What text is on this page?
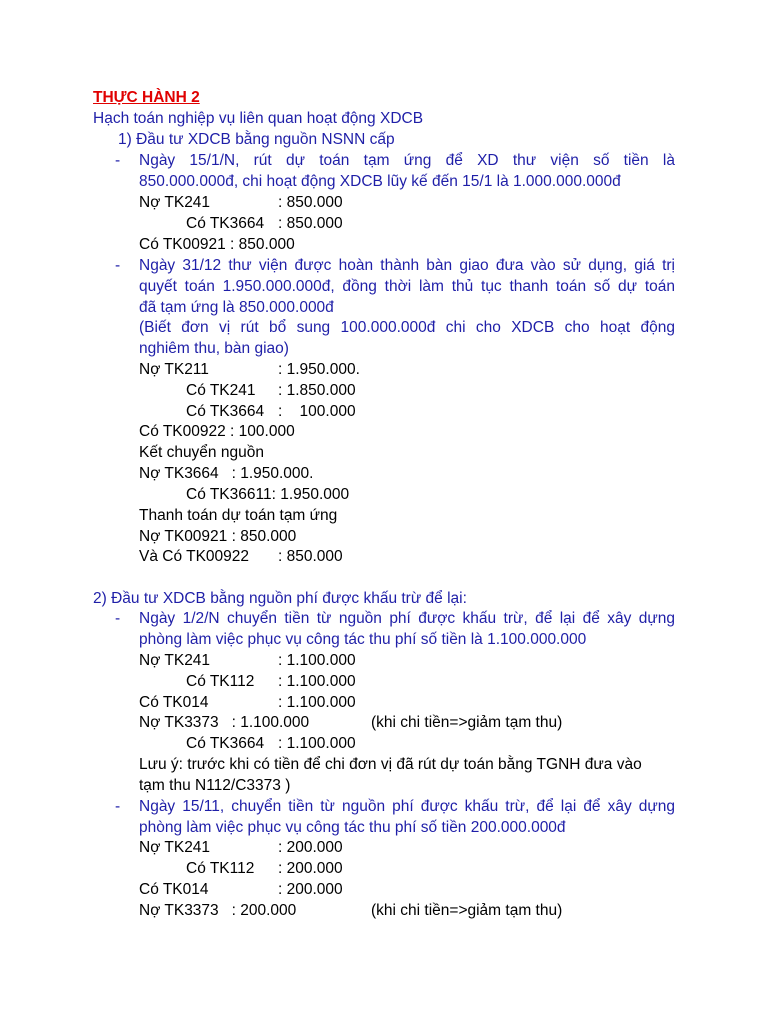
THỰC HÀNH 2
Hạch toán nghiệp vụ liên quan hoạt động XDCB
1) Đầu tư XDCB bằng nguồn NSNN cấp
- Ngày 15/1/N, rút dự toán tạm ứng để XD thư viện số tiền là
850.000.000đ, chi hoạt động XDCB lũy kế đến 15/1 là 1.000.000.000đ
Nợ TK241	: 850.000
Có TK3664 : 850.000
Có TK00921 : 850.000
- Ngày 31/12 thư viện được hoàn thành bàn giao đưa vào sử dụng, giá trị
quyết toán 1.950.000.000đ, đồng thời làm thủ tục thanh toán số dự toán
đã tạm ứng là 850.000.000đ
(Biết đơn vị rút bổ sung 100.000.000đ chi cho XDCB cho hoạt động
nghiêm thu, bàn giao)
Nợ TK211	: 1.950.000.
Có TK241 : 1.850.000
Có TK3664 :    100.000
Có TK00922 : 100.000
Kết chuyển nguồn
Nợ TK3664   : 1.950.000.
Có TK36611: 1.950.000
Thanh toán dự toán tạm ứng
Nợ TK00921 : 850.000
Và Có TK00922 : 850.000
2) Đầu tư XDCB bằng nguồn phí được khấu trừ để lại:
- Ngày 1/2/N chuyển tiền từ nguồn phí được khấu trừ, để lại để xây dựng
phòng làm việc phục vụ công tác thu phí số tiền là 1.100.000.000
Nợ TK241	: 1.100.000
Có TK112 : 1.100.000
Có TK014	: 1.100.000
Nợ TK3373   : 1.100.000	(khi chi tiền=>giảm tạm thu)
Có TK3664 : 1.100.000
Lưu ý: trước khi có tiền để chi đơn vị đã rút dự toán bằng TGNH đưa vào
tạm thu N112/C3373 )
- Ngày 15/11, chuyển tiền từ nguồn phí được khấu trừ, để lại để xây dựng
phòng làm việc phục vụ công tác thu phí số tiền 200.000.000đ
Nợ TK241	: 200.000
Có TK112 : 200.000
Có TK014	: 200.000
Nợ TK3373   : 200.000	(khi chi tiền=>giảm tạm thu)
